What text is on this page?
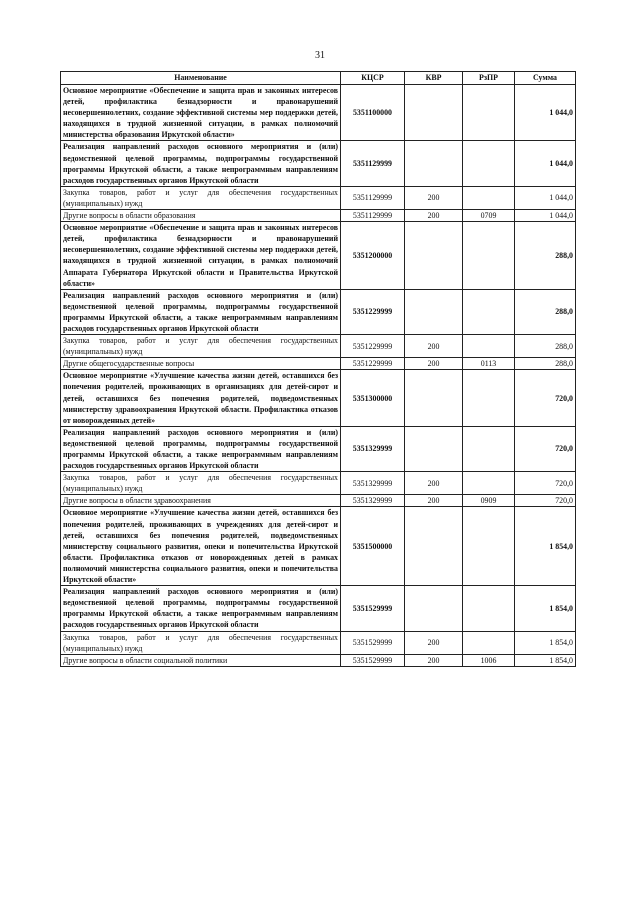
31
Наименование	КЦСР	КВР	РзПР	Сумма
Основное мероприятие «Обеспечение и защита прав и законных интересов детей, профилактика безнадзорности и правонарушений несовершеннолетних, создание эффективной системы мер поддержки детей, находящихся в трудной жизненной ситуации, в рамках полномочий министерства образования Иркутской области»	5351100000			1 044,0
Реализация направлений расходов основного мероприятия и (или) ведомственной целевой программы, подпрограммы государственной программы Иркутской области, а также непрограммным направлениям расходов государственных органов Иркутской области	5351129999			1 044,0
Закупка товаров, работ и услуг для обеспечения государственных (муниципальных) нужд	5351129999	200		1 044,0
Другие вопросы в области образования	5351129999	200	0709	1 044,0
Основное мероприятие «Обеспечение и защита прав и законных интересов детей, профилактика безнадзорности и правонарушений несовершеннолетних, создание эффективной системы мер поддержки детей, находящихся в трудной жизненной ситуации, в рамках полномочий Аппарата Губернатора Иркутской области и Правительства Иркутской области»	5351200000			288,0
Реализация направлений расходов основного мероприятия и (или) ведомственной целевой программы, подпрограммы государственной программы Иркутской области, а также непрограммным направлениям расходов государственных органов Иркутской области	5351229999			288,0
Закупка товаров, работ и услуг для обеспечения государственных (муниципальных) нужд	5351229999	200		288,0
Другие общегосударственные вопросы	5351229999	200	0113	288,0
Основное мероприятие «Улучшение качества жизни детей, оставшихся без попечения родителей, проживающих в организациях для детей-сирот и детей, оставшихся без попечения родителей, подведомственных министерству здравоохранения Иркутской области. Профилактика отказов от новорожденных детей»	5351300000			720,0
Реализация направлений расходов основного мероприятия и (или) ведомственной целевой программы, подпрограммы государственной программы Иркутской области, а также непрограммным направлениям расходов государственных органов Иркутской области	5351329999			720,0
Закупка товаров, работ и услуг для обеспечения государственных (муниципальных) нужд	5351329999	200		720,0
Другие вопросы в области здравоохранения	5351329999	200	0909	720,0
Основное мероприятие «Улучшение качества жизни детей, оставшихся без попечения родителей, проживающих в учреждениях для детей-сирот и детей, оставшихся без попечения родителей, подведомственных министерству социального развития, опеки и попечительства Иркутской области. Профилактика отказов от новорожденных детей в рамках полномочий министерства социального развития, опеки и попечительства Иркутской области»	5351500000			1 854,0
Реализация направлений расходов основного мероприятия и (или) ведомственной целевой программы, подпрограммы государственной программы Иркутской области, а также непрограммным направлениям расходов государственных органов Иркутской области	5351529999			1 854,0
Закупка товаров, работ и услуг для обеспечения государственных (муниципальных) нужд	5351529999	200		1 854,0
Другие вопросы в области социальной политики	5351529999	200	1006	1 854,0
